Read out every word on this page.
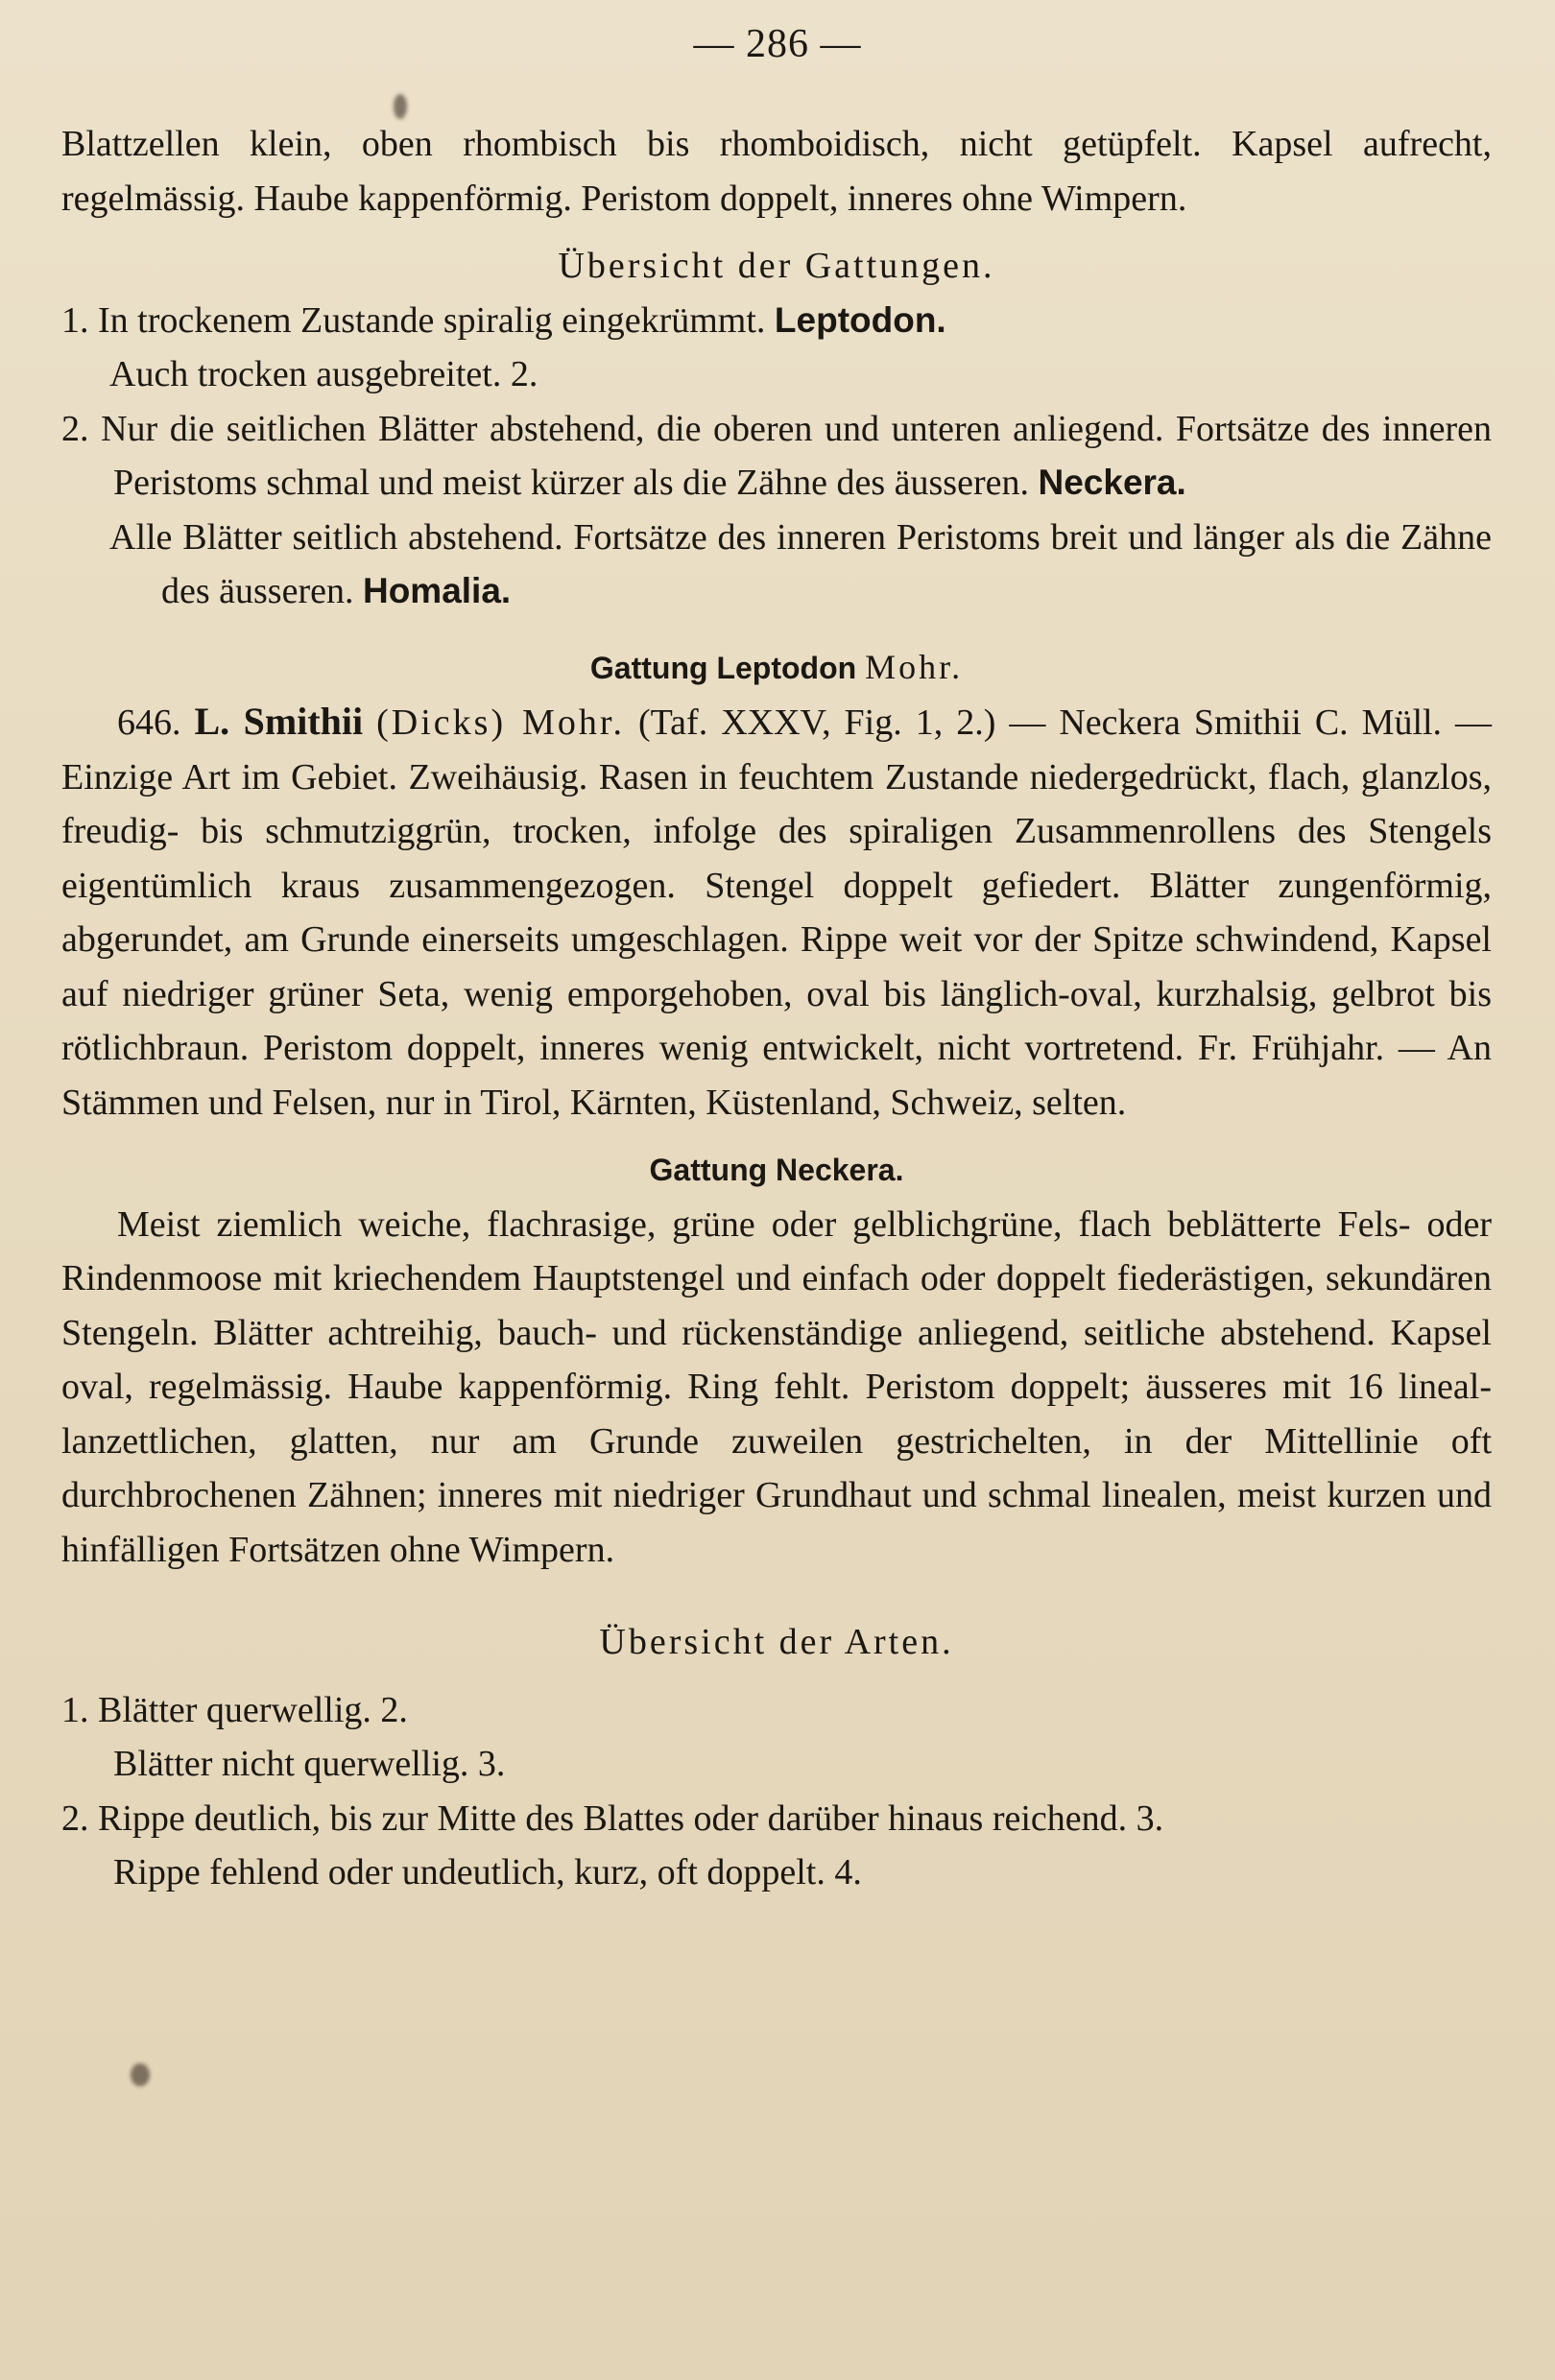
— 286 —

Blattzellen klein, oben rhombisch bis rhomboidisch, nicht getüpfelt. Kapsel aufrecht, regelmässig. Haube kappenförmig. Peristom doppelt, inneres ohne Wimpern.

Übersicht der Gattungen.

1. In trockenem Zustande spiralig eingekrümmt. Leptodon.

Auch trocken ausgebreitet. 2.

2. Nur die seitlichen Blätter abstehend, die oberen und unteren anliegend. Fortsätze des inneren Peristoms schmal und meist kürzer als die Zähne des äusseren. Neckera.

Alle Blätter seitlich abstehend. Fortsätze des inneren Peristoms breit und länger als die Zähne des äusseren. Homalia.

Gattung Leptodon Mohr.

646. L. Smithii (Dicks) Mohr. (Taf. XXXV, Fig. 1, 2.) — Neckera Smithii C. Müll. — Einzige Art im Gebiet. Zweihäusig. Rasen in feuchtem Zustande niedergedrückt, flach, glanzlos, freudig- bis schmutziggrün, trocken, infolge des spiraligen Zusammenrollens des Stengels eigentümlich kraus zusammengezogen. Stengel doppelt gefiedert. Blätter zungenförmig, abgerundet, am Grunde einerseits umgeschlagen. Rippe weit vor der Spitze schwindend, Kapsel auf niedriger grüner Seta, wenig emporgehoben, oval bis länglich-oval, kurzhalsig, gelbrot bis rötlichbraun. Peristom doppelt, inneres wenig entwickelt, nicht vortretend. Fr. Frühjahr. — An Stämmen und Felsen, nur in Tirol, Kärnten, Küstenland, Schweiz, selten.

Gattung Neckera.

Meist ziemlich weiche, flachrasige, grüne oder gelblichgrüne, flach beblätterte Fels- oder Rindenmoose mit kriechendem Hauptstengel und einfach oder doppelt fiederästigen, sekundären Stengeln. Blätter achtreihig, bauch- und rückenständige anliegend, seitliche abstehend. Kapsel oval, regelmässig. Haube kappenförmig. Ring fehlt. Peristom doppelt; äusseres mit 16 lineal-lanzettlichen, glatten, nur am Grunde zuweilen gestrichelten, in der Mittellinie oft durchbrochenen Zähnen; inneres mit niedriger Grundhaut und schmal linealen, meist kurzen und hinfälligen Fortsätzen ohne Wimpern.

Übersicht der Arten.

1. Blätter querwellig. 2.

Blätter nicht querwellig. 3.

2. Rippe deutlich, bis zur Mitte des Blattes oder darüber hinaus reichend. 3.

Rippe fehlend oder undeutlich, kurz, oft doppelt. 4.
